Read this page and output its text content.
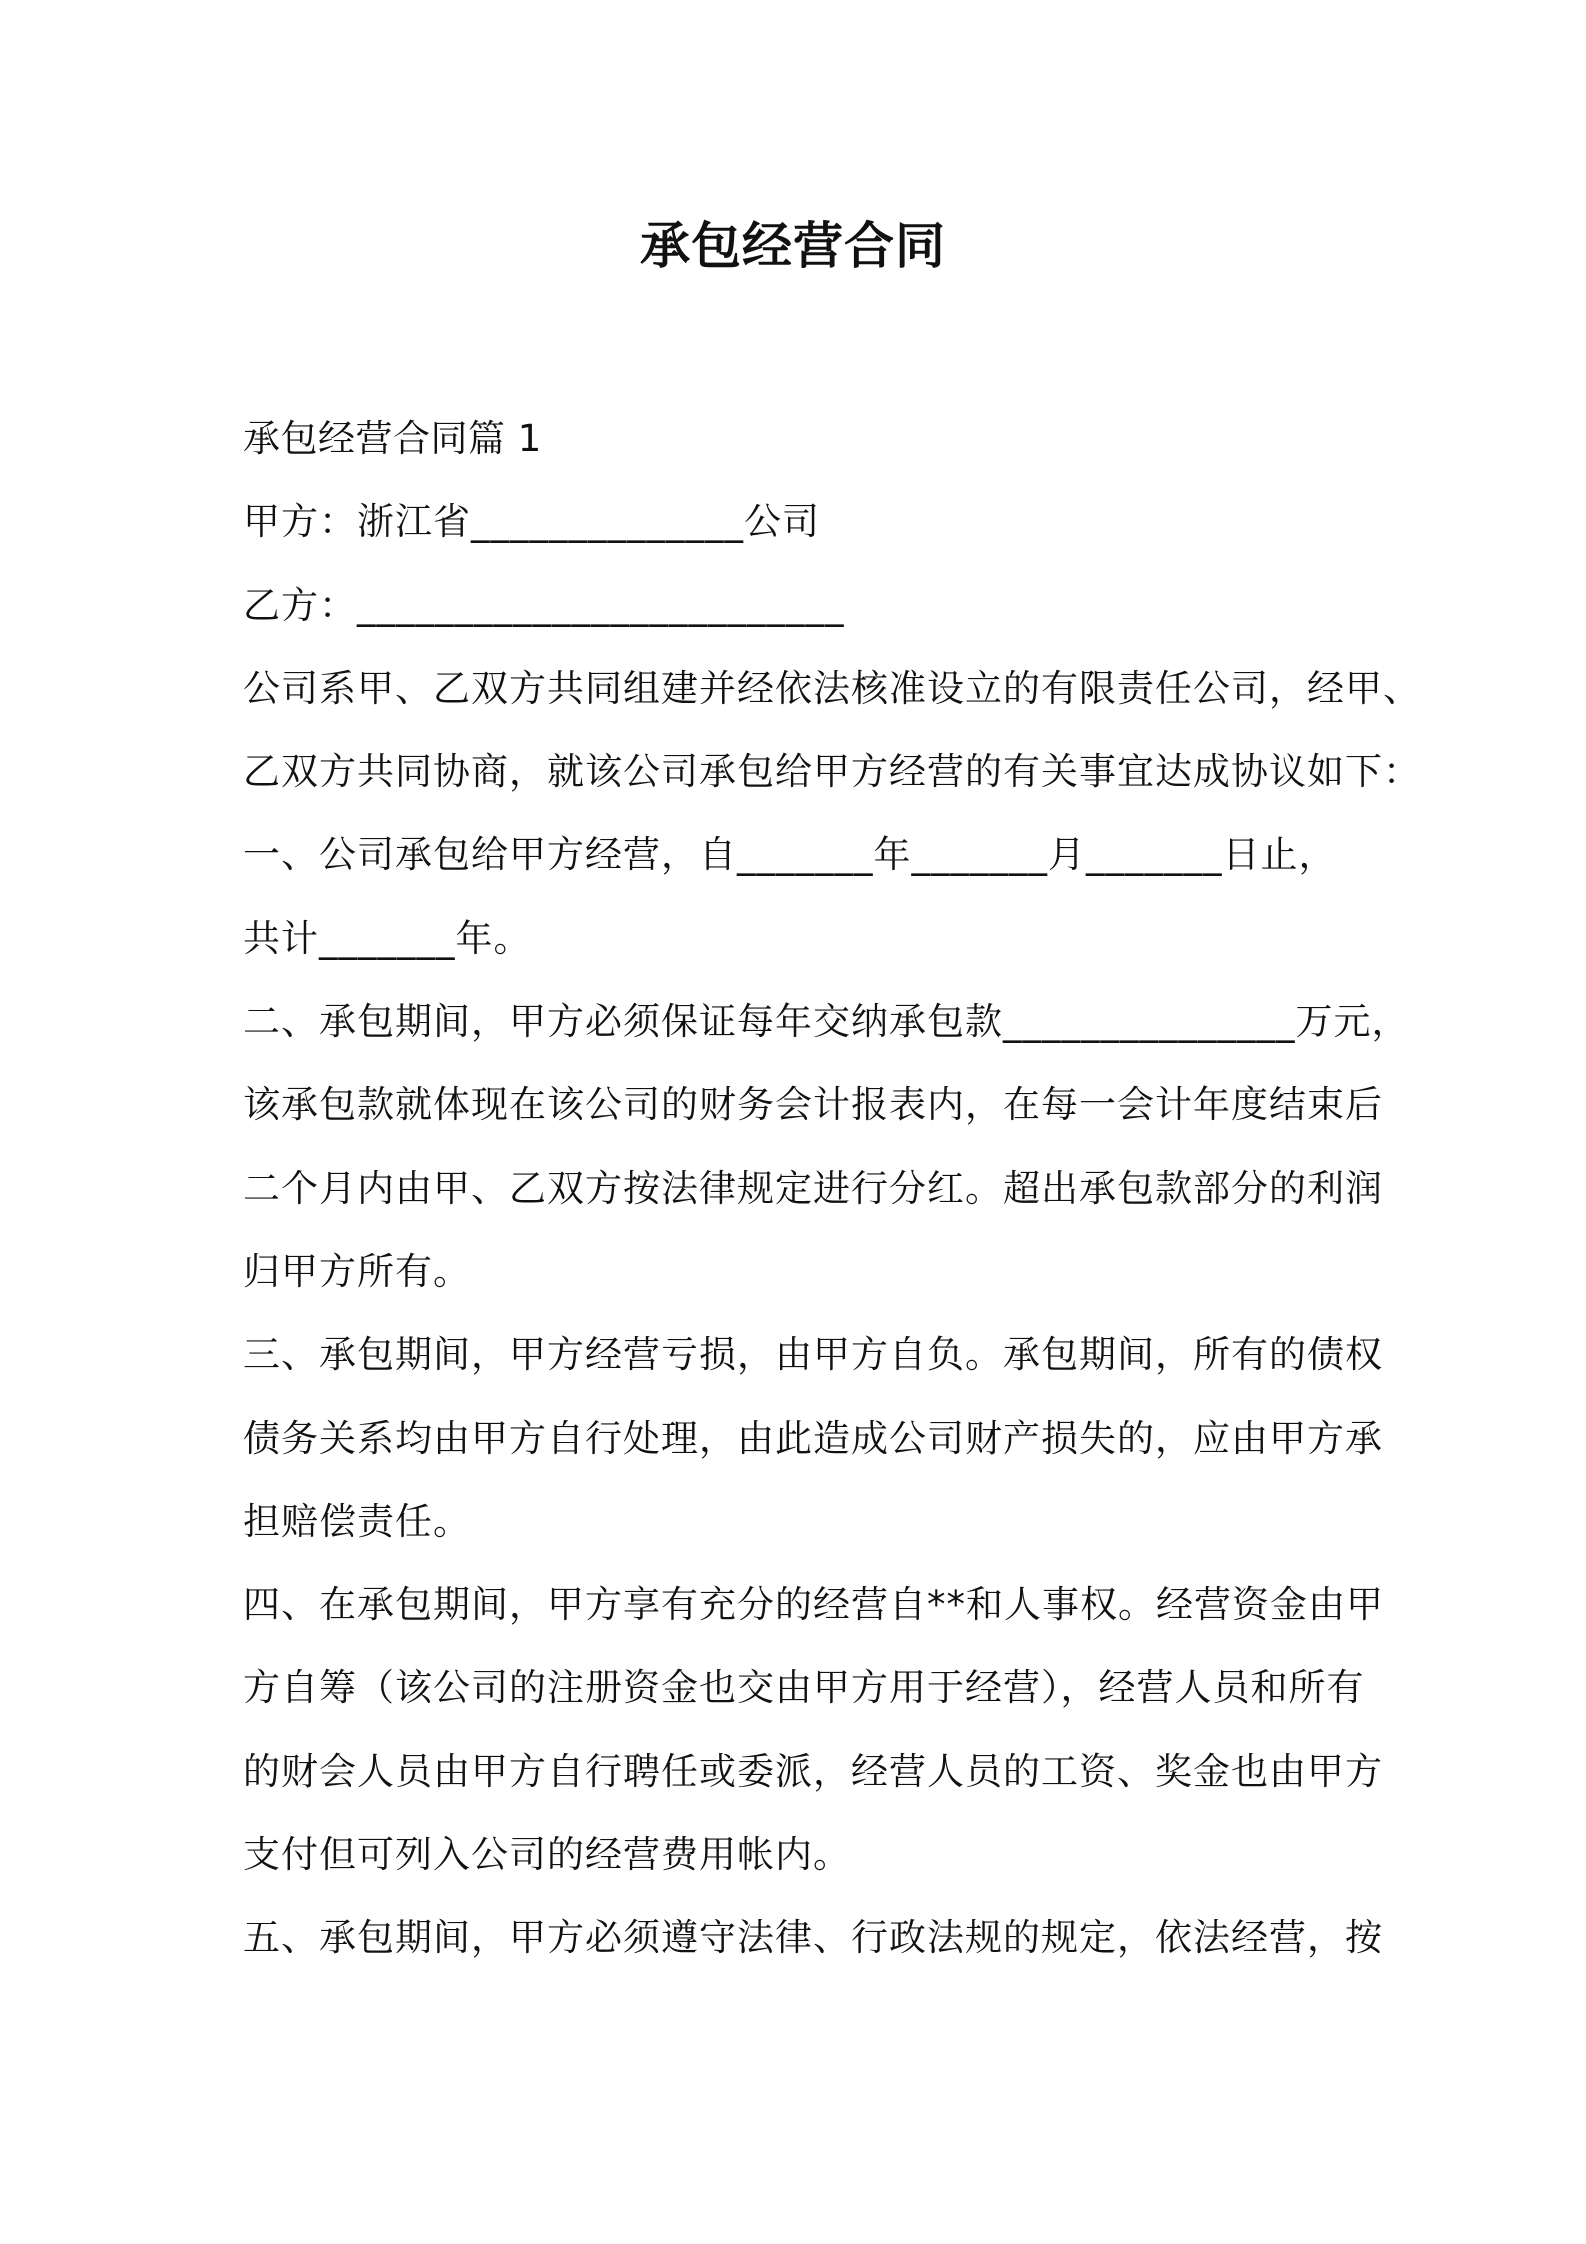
承包经营合同
承包经营合同篇 1
甲方：浙江省______________公司
乙方：_________________________
公司系甲、乙双方共同组建并经依法核准设立的有限责任公司，经甲、
乙双方共同协商，就该公司承包给甲方经营的有关事宜达成协议如下：
一、公司承包给甲方经营，自_______年_______月_______日止，
共计_______年。
二、承包期间，甲方必须保证每年交纳承包款_______________万元，
该承包款就体现在该公司的财务会计报表内，在每一会计年度结束后
二个月内由甲、乙双方按法律规定进行分红。超出承包款部分的利润
归甲方所有。
三、承包期间，甲方经营亏损，由甲方自负。承包期间，所有的债权
债务关系均由甲方自行处理，由此造成公司财产损失的，应由甲方承
担赔偿责任。
四、在承包期间，甲方享有充分的经营自**和人事权。经营资金由甲
方自筹（该公司的注册资金也交由甲方用于经营），经营人员和所有
的财会人员由甲方自行聘任或委派，经营人员的工资、奖金也由甲方
支付但可列入公司的经营费用帐内。
五、承包期间，甲方必须遵守法律、行政法规的规定，依法经营，按
